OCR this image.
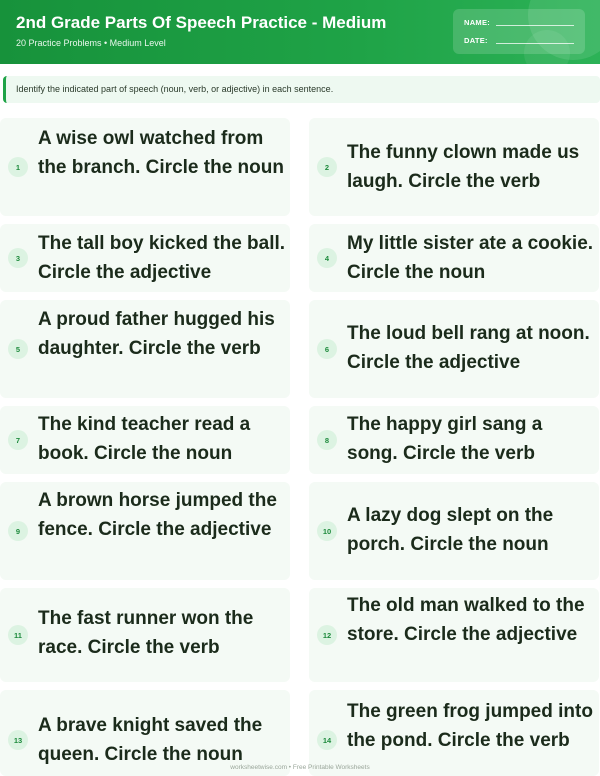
2nd Grade Parts Of Speech Practice - Medium
20 Practice Problems • Medium Level
NAME:
DATE:
Identify the indicated part of speech (noun, verb, or adjective) in each sentence.
1
A wise owl watched from the branch. Circle the noun	2
The funny clown made us laugh. Circle the verb
3
The tall boy kicked the ball. Circle the adjective
4
My little sister ate a cookie. Circle the noun
5
A proud father hugged his daughter. Circle the verb	6
The loud bell rang at noon. Circle the adjective
7
The kind teacher read a book. Circle the noun
8
The happy girl sang a song. Circle the verb
9
A brown horse jumped the fence. Circle the adjective	10
A lazy dog slept on the porch. Circle the noun
11
The fast runner won the race. Circle the verb
12
The old man walked to the store. Circle the adjective
13
A brave knight saved the queen. Circle the noun
14
The green frog jumped into the pond. Circle the verb
worksheetwise.com • Free Printable Worksheets
